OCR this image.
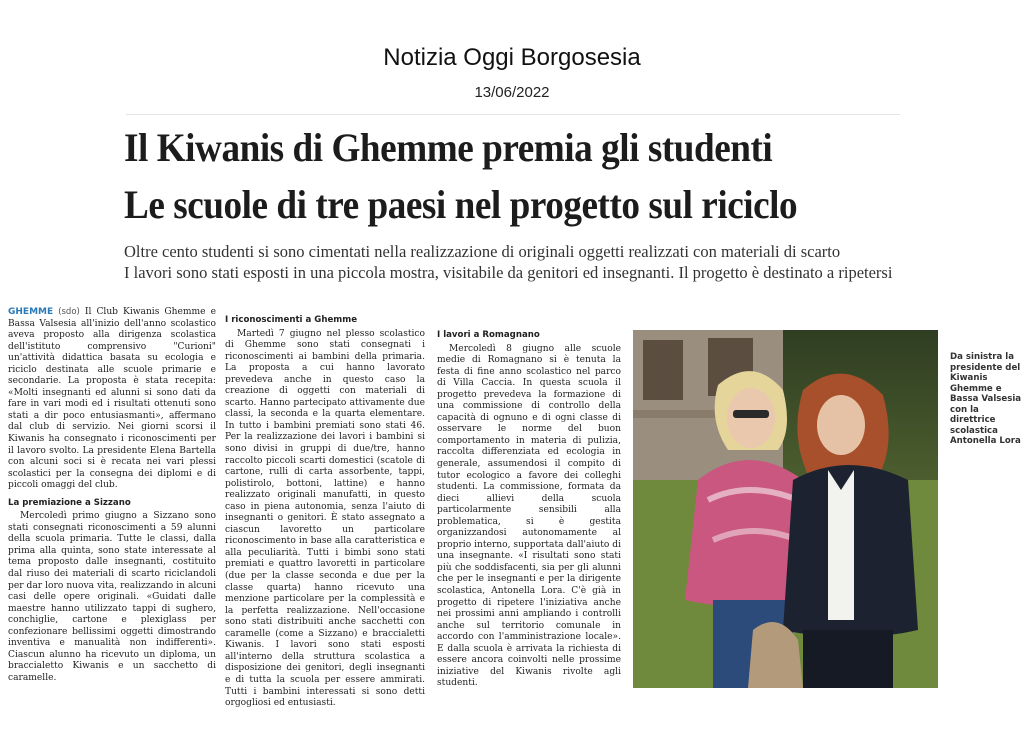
Notizia Oggi Borgosesia
13/06/2022
Il Kiwanis di Ghemme premia gli studenti
Le scuole di tre paesi nel progetto sul riciclo
Oltre cento studenti si sono cimentati nella realizzazione di originali oggetti realizzati con materiali di scarto
I lavori sono stati esposti in una piccola mostra, visitabile da genitori ed insegnanti. Il progetto è destinato a ripetersi

GHEMME (sdo) Il Club Kiwanis Ghemme e Bassa Valsesia all'inizio dell'anno scolastico aveva proposto alla dirigenza scolastica dell'istituto comprensivo "Curioni" un'attività didattica basata su ecologia e riciclo destinata alle scuole primarie e secondarie. La proposta è stata recepita: «Molti insegnanti ed alunni si sono dati da fare in vari modi ed i risultati ottenuti sono stati a dir poco entusiasmanti», affermano dal club di servizio. Nei giorni scorsi il Kiwanis ha consegnato i riconoscimenti per il lavoro svolto. La presidente Elena Bartella con alcuni soci si è recata nei vari plessi scolastici per la consegna dei diplomi e di piccoli omaggi del club.

La premiazione a Sizzano

Mercoledì primo giugno a Sizzano sono stati consegnati riconoscimenti a 59 alunni della scuola primaria. Tutte le classi, dalla prima alla quinta, sono state interessate al tema proposto dalle insegnanti, costituito dal riuso dei materiali di scarto riciclandoli per dar loro nuova vita, realizzando in alcuni casi delle opere originali. «Guidati dalle maestre hanno utilizzato tappi di sughero, conchiglie, cartone e plexiglass per confezionare bellissimi oggetti dimostrando inventiva e manualità non indifferenti». Ciascun alunno ha ricevuto un diploma, un braccialetto Kiwanis e un sacchetto di caramelle.

I riconoscimenti a Ghemme

Martedì 7 giugno nel plesso scolastico di Ghemme sono stati consegnati i riconoscimenti ai bambini della primaria. La proposta a cui hanno lavorato prevedeva anche in questo caso la creazione di oggetti con materiali di scarto. Hanno partecipato attivamente due classi, la seconda e la quarta elementare. In tutto i bambini premiati sono stati 46. Per la realizzazione dei lavori i bambini si sono divisi in gruppi di due/tre, hanno raccolto piccoli scarti domestici (scatole di cartone, rulli di carta assorbente, tappi, polistirolo, bottoni, lattine) e hanno realizzato originali manufatti, in questo caso in piena autonomia, senza l'aiuto di insegnanti o genitori. È stato assegnato a ciascun lavoretto un particolare riconoscimento in base alla caratteristica e alla peculiarità. Tutti i bimbi sono stati premiati e quattro lavoretti in particolare (due per la classe seconda e due per la classe quarta) hanno ricevuto una menzione particolare per la complessità e la perfetta realizzazione. Nell'occasione sono stati distribuiti anche sacchetti con caramelle (come a Sizzano) e braccialetti Kiwanis. I lavori sono stati esposti all'interno della struttura scolastica a disposizione dei genitori, degli insegnanti e di tutta la scuola per essere ammirati. Tutti i bambini interessati si sono detti orgogliosi ed entusiasti.

I lavori a Romagnano

Mercoledì 8 giugno alle scuole medie di Romagnano si è tenuta la festa di fine anno scolastico nel parco di Villa Caccia. In questa scuola il progetto prevedeva la formazione di una commissione di controllo della capacità di ognuno e di ogni classe di osservare le norme del buon comportamento in materia di pulizia, raccolta differenziata ed ecologia in generale, assumendosi il compito di tutor ecologico a favore dei colleghi studenti. La commissione, formata da dieci allievi della scuola particolarmente sensibili alla problematica, si è gestita organizzandosi autonomamente al proprio interno, supportata dall'aiuto di una insegnante. «I risultati sono stati più che soddisfacenti, sia per gli alunni che per le insegnanti e per la dirigente scolastica, Antonella Lora. C'è già in progetto di ripetere l'iniziativa anche nei prossimi anni ampliando i controlli anche sul territorio comunale in accordo con l'amministrazione locale». E dalla scuola è arrivata la richiesta di essere ancora coinvolti nelle prossime iniziative del Kiwanis rivolte agli studenti.

Da sinistra la presidente del Kiwanis Ghemme e Bassa Valsesia con la direttrice scolastica Antonella Lora
